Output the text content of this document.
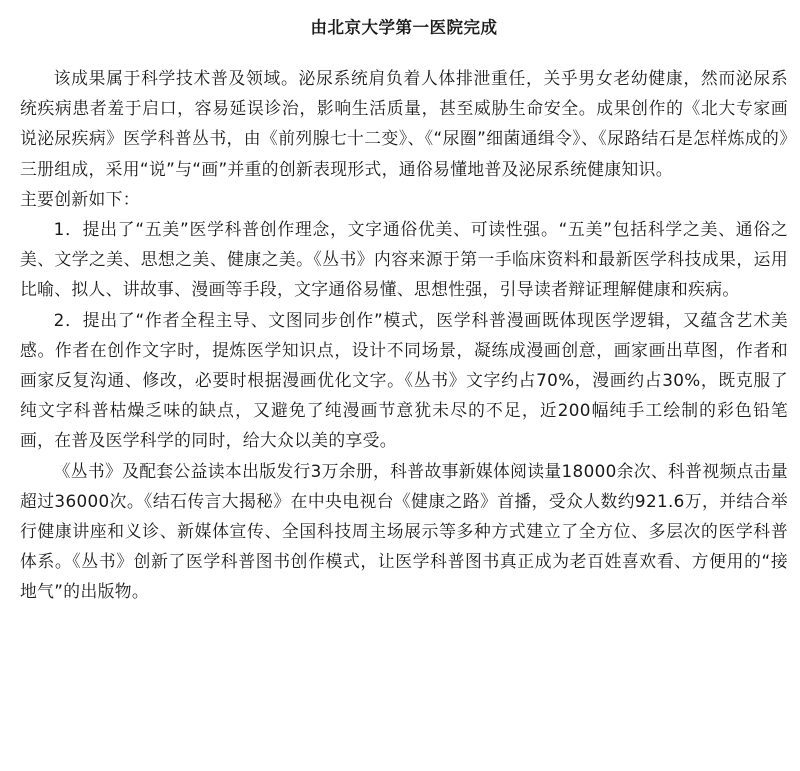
由北京大学第一医院完成

该成果属于科学技术普及领域。泌尿系统肩负着人体排泄重任，关乎男女老幼健康，然而泌尿系统疾病患者羞于启口，容易延误诊治，影响生活质量，甚至威胁生命安全。成果创作的《北大专家画说泌尿疾病》医学科普丛书，由《前列腺七十二变》、《“尿圈”细菌通缉令》、《尿路结石是怎样炼成的》三册组成，采用“说”与“画”并重的创新表现形式，通俗易懂地普及泌尿系统健康知识。

主要创新如下：

1．提出了“五美”医学科普创作理念，文字通俗优美、可读性强。“五美”包括科学之美、通俗之美、文学之美、思想之美、健康之美。《丛书》内容来源于第一手临床资料和最新医学科技成果，运用比喻、拟人、讲故事、漫画等手段，文字通俗易懂、思想性强，引导读者辩证理解健康和疾病。

2．提出了“作者全程主导、文图同步创作”模式，医学科普漫画既体现医学逻辑，又蕴含艺术美感。作者在创作文字时，提炼医学知识点，设计不同场景，凝练成漫画创意，画家画出草图，作者和画家反复沟通、修改，必要时根据漫画优化文字。《丛书》文字约占70%，漫画约占30%，既克服了纯文字科普枯燥乏味的缺点，又避免了纯漫画节意犹未尽的不足，近200幅纯手工绘制的彩色铅笔画，在普及医学科学的同时，给大众以美的享受。

《丛书》及配套公益读本出版发行3万余册，科普故事新媒体阅读量18000余次、科普视频点击量超过36000次。《结石传言大揭秘》在中央电视台《健康之路》首播，受众人数约921.6万，并结合举行健康讲座和义诊、新媒体宣传、全国科技周主场展示等多种方式建立了全方位、多层次的医学科普体系。《丛书》创新了医学科普图书创作模式，让医学科普图书真正成为老百姓喜欢看、方便用的“接地气”的出版物。
